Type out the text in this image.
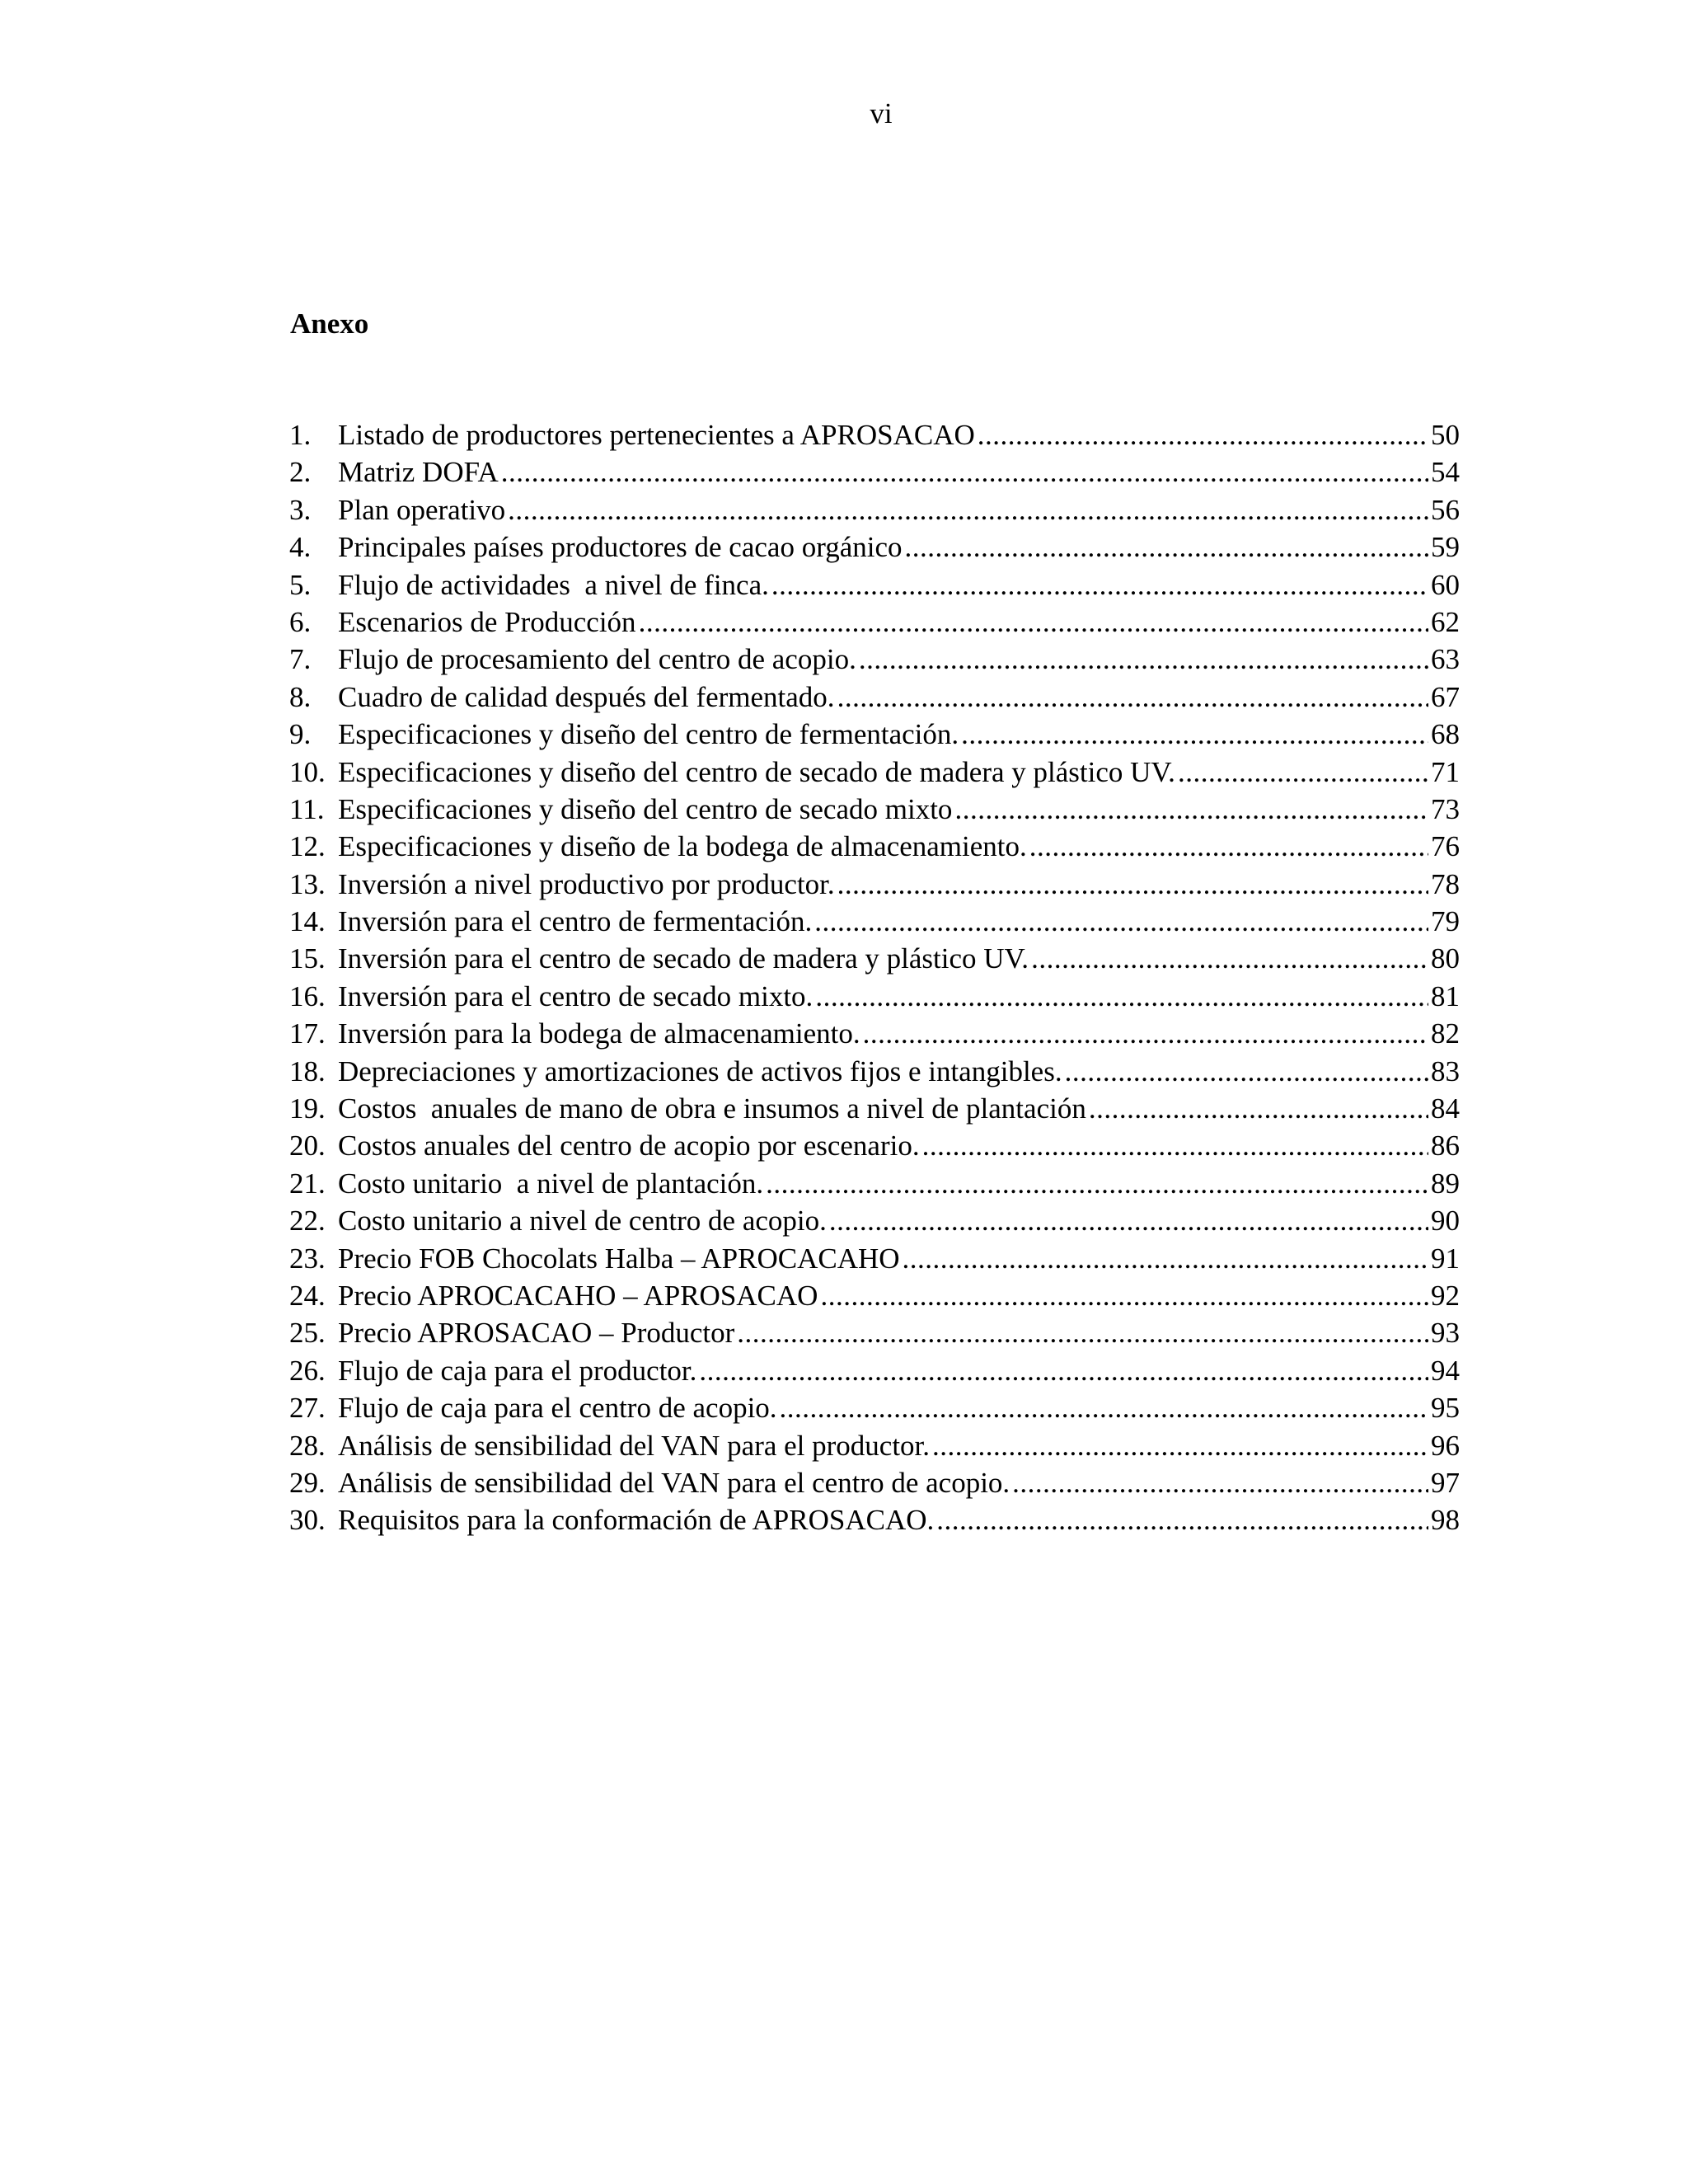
vi
Anexo
1. Listado de productores pertenecientes a APROSACAO .....	50
2. Matriz DOFA .....	54
3. Plan operativo .....	56
4. Principales países productores de cacao orgánico .....	59
5. Flujo de actividades  a nivel de finca. .....	60
6. Escenarios de Producción .....	62
7. Flujo de procesamiento del centro de acopio. .....	63
8. Cuadro de calidad después del fermentado. .....	67
9. Especificaciones y diseño del centro de fermentación. .....	68
10. Especificaciones y diseño del centro de secado de madera y plástico UV. .....	71
11. Especificaciones y diseño del centro de secado mixto .....	73
12. Especificaciones y diseño de la bodega de almacenamiento. .....	76
13. Inversión a nivel productivo por productor. .....	78
14. Inversión para el centro de fermentación. .....	79
15. Inversión para el centro de secado de madera y plástico UV. .....	80
16. Inversión para el centro de secado mixto. .....	81
17. Inversión para la bodega de almacenamiento. .....	82
18. Depreciaciones y amortizaciones de activos fijos e intangibles. .....	83
19. Costos  anuales de mano de obra e insumos a nivel de plantación .....	84
20. Costos anuales del centro de acopio por escenario. .....	86
21. Costo unitario  a nivel de plantación. .....	89
22. Costo unitario a nivel de centro de acopio. .....	90
23. Precio FOB Chocolats Halba – APROCACAHO .....	91
24. Precio APROCACAHO – APROSACAO .....	92
25. Precio APROSACAO – Productor .....	93
26. Flujo de caja para el productor. .....	94
27. Flujo de caja para el centro de acopio. .....	95
28. Análisis de sensibilidad del VAN para el productor. .....	96
29. Análisis de sensibilidad del VAN para el centro de acopio. .....	97
30. Requisitos para la conformación de APROSACAO. .....	98
